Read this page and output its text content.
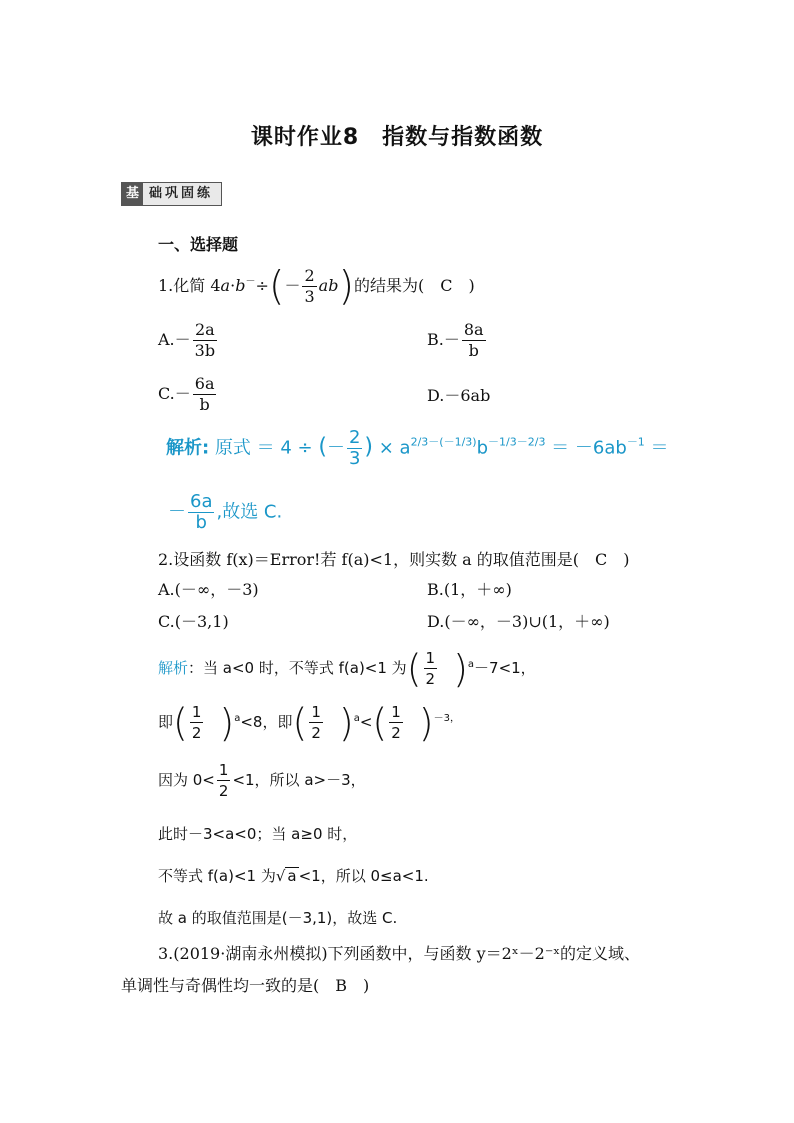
课时作业8　指数与指数函数
基 础巩固练
一、选择题
1.化简 $4a\cdot b^-\div(- \frac{2}{3} ab)$的结果为(　C　)
$A.- \frac{2a}{3b}$	$B.- \frac{8a}{b}$
$C.- \frac{6a}{b}$	D.－6ab
解析: 原式 ＝ 4 ÷ (－ $\frac{2}{3}$ ) × $a^{2/3-(-1/3)}b^{-1/3-2/3} = -6ab^{-1}$ ＝
－ $\frac{6a}{b}$ ,故选 C.
2.设函数 f(x)＝Error!若 f(a)<1，则实数 a 的取值范围是(　C　)
A.(－∞，－3)	B.(1，＋∞)
C.(－3,1)	D.(－∞，－3)∪(1，＋∞)
解析：当 a<0 时，不等式 f(a)<1 为( $\frac{1}{2} )^a-7<1$，
即( $\frac{1}{2} )^a<8$，即( $\frac{1}{2} )^a<( \frac{1}{2} )^{-3,}$
因为 $0< \frac{1}{2} <1$，所以 a>－3，
此时－3<a<0；当 a≥0 时，
不等式 f(a)<1 为√ a <1，所以 0≤a<1.
故 a 的取值范围是(－3,1)，故选 C.
3.(2019·湖南永州模拟)下列函数中，与函数 y＝2ˣ－2⁻ˣ的定义域、
单调性与奇偶性均一致的是(　B　)
